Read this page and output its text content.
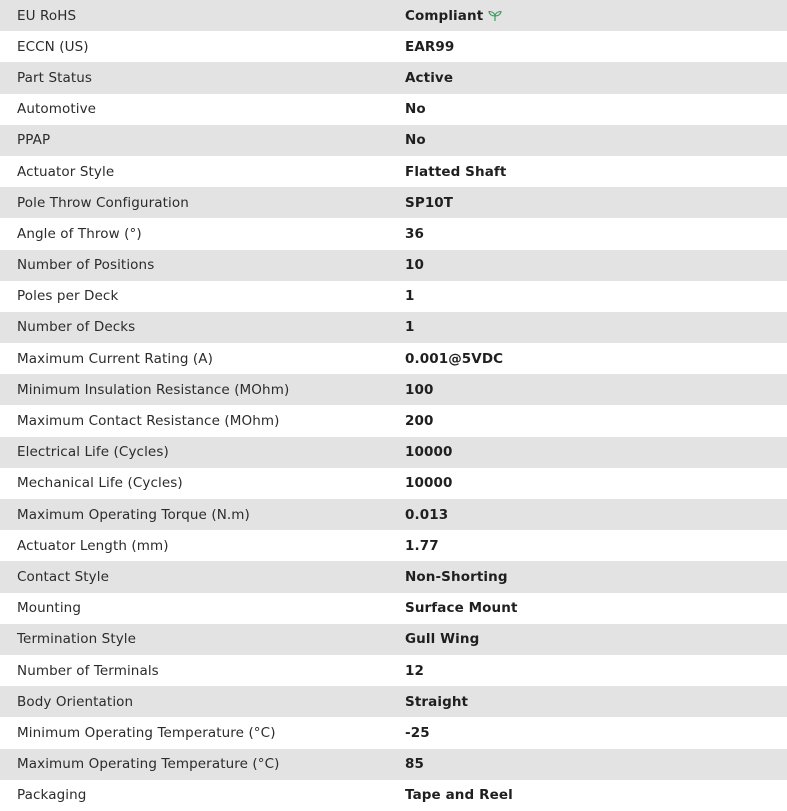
EU RoHS	Compliant
ECCN (US)	EAR99
Part Status	Active
Automotive	No
PPAP	No
Actuator Style	Flatted Shaft
Pole Throw Configuration	SP10T
Angle of Throw (°)	36
Number of Positions	10
Poles per Deck	1
Number of Decks	1
Maximum Current Rating (A)	0.001@5VDC
Minimum Insulation Resistance (MOhm)	100
Maximum Contact Resistance (MOhm)	200
Electrical Life (Cycles)	10000
Mechanical Life (Cycles)	10000
Maximum Operating Torque (N.m)	0.013
Actuator Length (mm)	1.77
Contact Style	Non-Shorting
Mounting	Surface Mount
Termination Style	Gull Wing
Number of Terminals	12
Body Orientation	Straight
Minimum Operating Temperature (°C)	-25
Maximum Operating Temperature (°C)	85
Packaging	Tape and Reel
